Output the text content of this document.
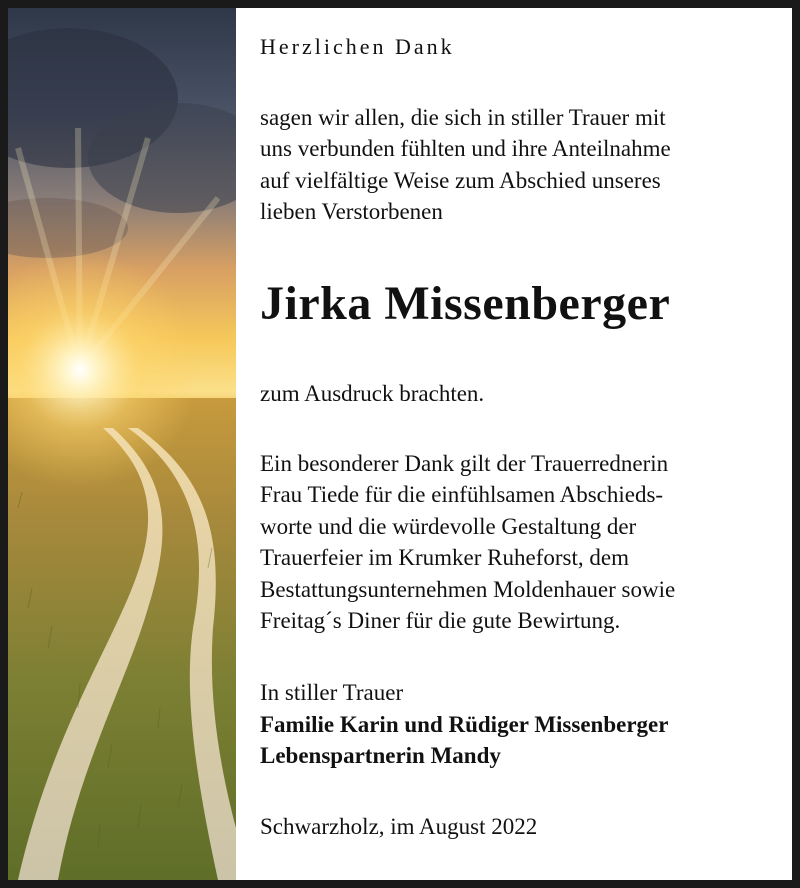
Herzlichen Dank

sagen wir allen, die sich in stiller Trauer mit

uns verbunden fühlten und ihre Anteilnahme

auf vielfältige Weise zum Abschied unseres

lieben Verstorbenen

Jirka Missenberger

zum Ausdruck brachten.

Ein besonderer Dank gilt der Trauerrednerin

Frau Tiede für die einfühlsamen Abschieds-

worte und die würdevolle Gestaltung der

Trauerfeier im Krumker Ruheforst, dem

Bestattungsunternehmen Moldenhauer sowie

Freitag´s Diner für die gute Bewirtung.

In stiller Trauer

Familie Karin und Rüdiger Missenberger

Lebenspartnerin Mandy

Schwarzholz, im August 2022
